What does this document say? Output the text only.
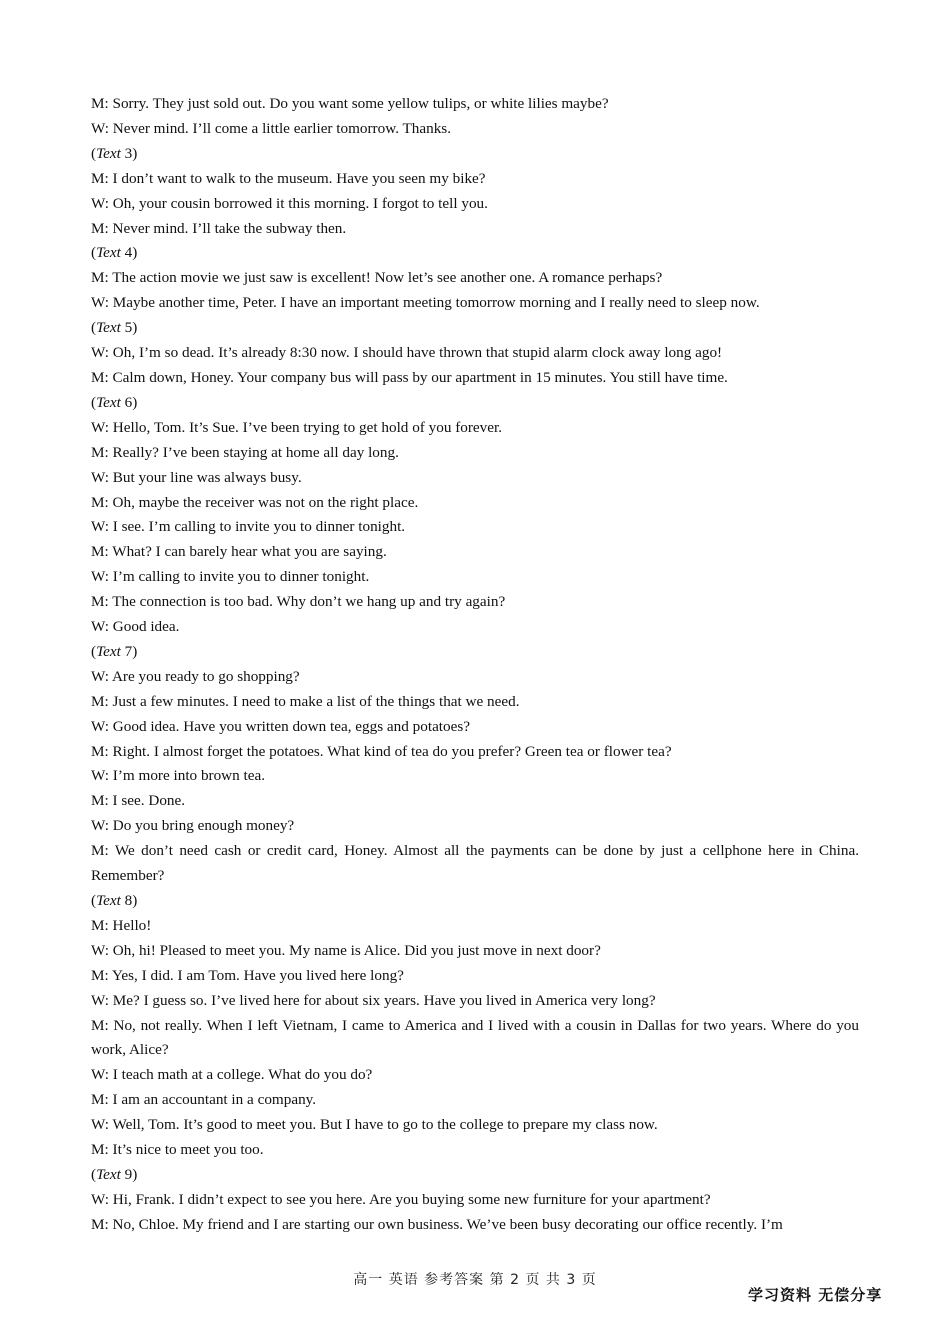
M: Sorry. They just sold out. Do you want some yellow tulips, or white lilies maybe?
W: Never mind. I’ll come a little earlier tomorrow. Thanks.
(Text 3)
M: I don’t want to walk to the museum. Have you seen my bike?
W: Oh, your cousin borrowed it this morning. I forgot to tell you.
M: Never mind. I’ll take the subway then.
(Text 4)
M: The action movie we just saw is excellent! Now let’s see another one. A romance perhaps?
W: Maybe another time, Peter. I have an important meeting tomorrow morning and I really need to sleep now.
(Text 5)
W: Oh, I’m so dead. It’s already 8:30 now. I should have thrown that stupid alarm clock away long ago!
M: Calm down, Honey. Your company bus will pass by our apartment in 15 minutes. You still have time.
(Text 6)
W: Hello, Tom. It’s Sue. I’ve been trying to get hold of you forever.
M: Really? I’ve been staying at home all day long.
W: But your line was always busy.
M: Oh, maybe the receiver was not on the right place.
W: I see. I’m calling to invite you to dinner tonight.
M: What? I can barely hear what you are saying.
W: I’m calling to invite you to dinner tonight.
M: The connection is too bad. Why don’t we hang up and try again?
W: Good idea.
(Text 7)
W: Are you ready to go shopping?
M: Just a few minutes. I need to make a list of the things that we need.
W: Good idea. Have you written down tea, eggs and potatoes?
M: Right. I almost forget the potatoes. What kind of tea do you prefer? Green tea or flower tea?
W: I’m more into brown tea.
M: I see. Done.
W: Do you bring enough money?
M: We don’t need cash or credit card, Honey. Almost all the payments can be done by just a cellphone here in China. Remember?
(Text 8)
M: Hello!
W: Oh, hi! Pleased to meet you. My name is Alice. Did you just move in next door?
M: Yes, I did. I am Tom. Have you lived here long?
W: Me? I guess so. I’ve lived here for about six years. Have you lived in America very long?
M: No, not really. When I left Vietnam, I came to America and I lived with a cousin in Dallas for two years. Where do you work, Alice?
W: I teach math at a college. What do you do?
M: I am an accountant in a company.
W: Well, Tom. It’s good to meet you. But I have to go to the college to prepare my class now.
M: It’s nice to meet you too.
(Text 9)
W: Hi, Frank. I didn’t expect to see you here. Are you buying some new furniture for your apartment?
M: No, Chloe. My friend and I are starting our own business. We’ve been busy decorating our office recently. I’m
高一 英语 参考答案 第 2 页 共 3 页
学习资料 无偿分享
